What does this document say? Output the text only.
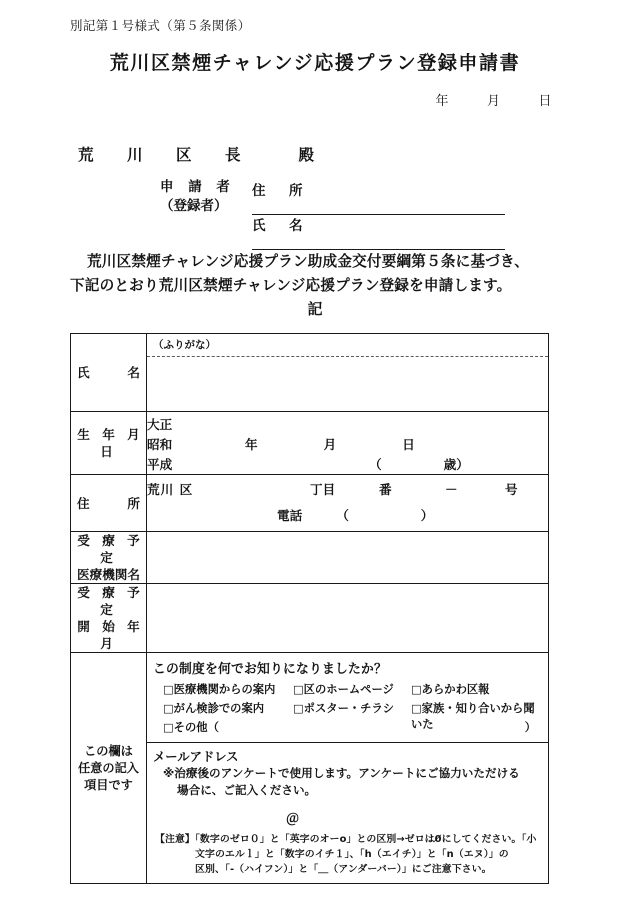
別記第１号様式（第５条関係）
荒川区禁煙チャレンジ応援プラン登録申請書
年	月	日
荒　川　区　長　　殿
申 請 者
（登録者）
住　所
氏　名
荒川区禁煙チャレンジ応援プラン助成金交付要綱第５条に基づき、
下記のとおり荒川区禁煙チャレンジ応援プラン登録を申請します。
記
氏　　　名	（ふりがな）

生 年 月 日	大正
昭和
平成
年 月 日
（ 歳）

住　　　所	
荒川 区	丁目	番	－	号
電話	（	）

受 療 予 定
医療機関名	

受 療 予 定
開 始 年 月	

この欄は
任意の記入
項目です

この制度を何でお知りになりましたか？
□医療機関からの案内 □区のホームページ □あらかわ区報
□がん検診での案内	□ポスター・チラシ □家族・知り合いから聞いた
□その他（	）
メールアドレス
※治療後のアンケートで使用します。アンケートにご協力いただける
場合に、ご記入ください。
＠
【注意】「数字のゼロ０」と「英字のオーo」との区別→ゼロは0̸にしてください。「小
文字のエルｌ」と「数字のイチ１」、「h（エイチ）」と「n（エヌ）」の
区別、「‐（ハイフン）」と「＿（アンダーバー）」にご注意下さい。
